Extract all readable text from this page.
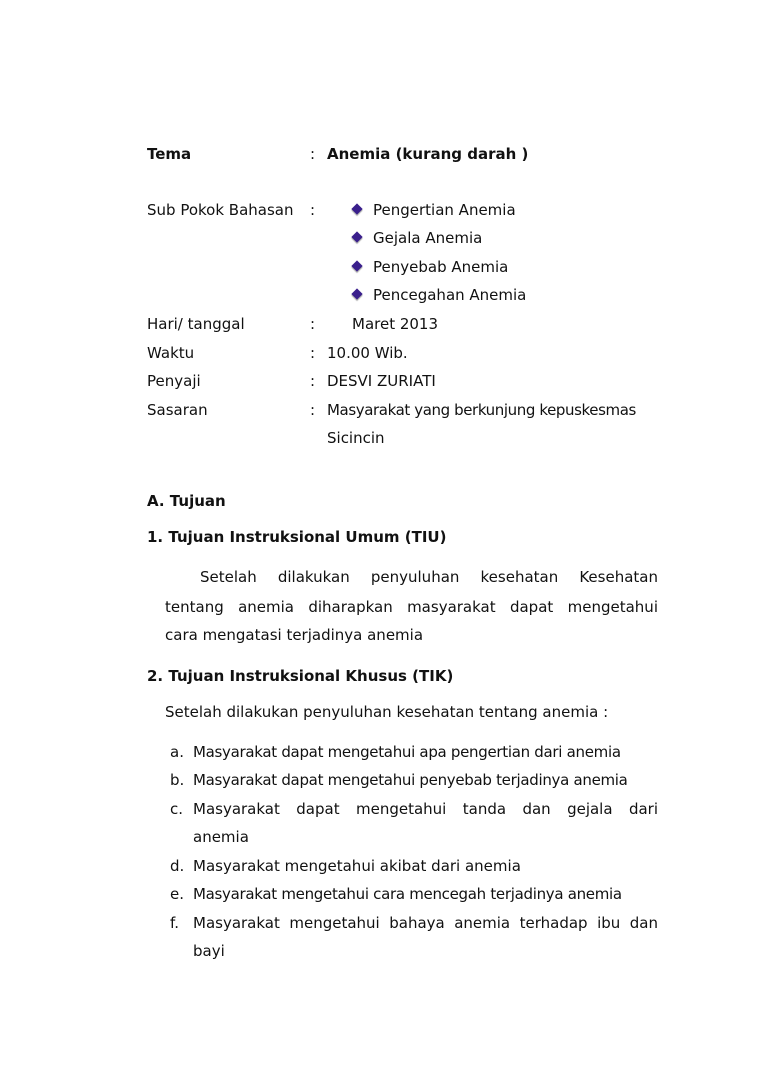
Tema	: Anemia (kurang darah )
Sub Pokok Bahasan :	Pengertian Anemia
Gejala Anemia
Penyebab Anemia
Pencegahan Anemia
Hari/ tanggal	: Maret 2013
Waktu	: 10.00 Wib.
Penyaji	: DESVI ZURIATI
Sasaran	: Masyarakat yang berkunjung kepuskesmas
Sicincin
A. Tujuan
1. Tujuan Instruksional Umum (TIU)
Setelah dilakukan penyuluhan kesehatan Kesehatan
tentang anemia diharapkan masyarakat dapat mengetahui
cara mengatasi terjadinya anemia
2. Tujuan Instruksional Khusus (TIK)
Setelah dilakukan penyuluhan kesehatan tentang anemia :
a. Masyarakat dapat mengetahui apa pengertian dari anemia
b. Masyarakat dapat mengetahui penyebab terjadinya anemia
c. Masyarakat dapat mengetahui tanda dan gejala dari
anemia
d. Masyarakat mengetahui akibat dari anemia
e. Masyarakat mengetahui cara mencegah terjadinya anemia
f. Masyarakat mengetahui bahaya anemia terhadap ibu dan
bayi
